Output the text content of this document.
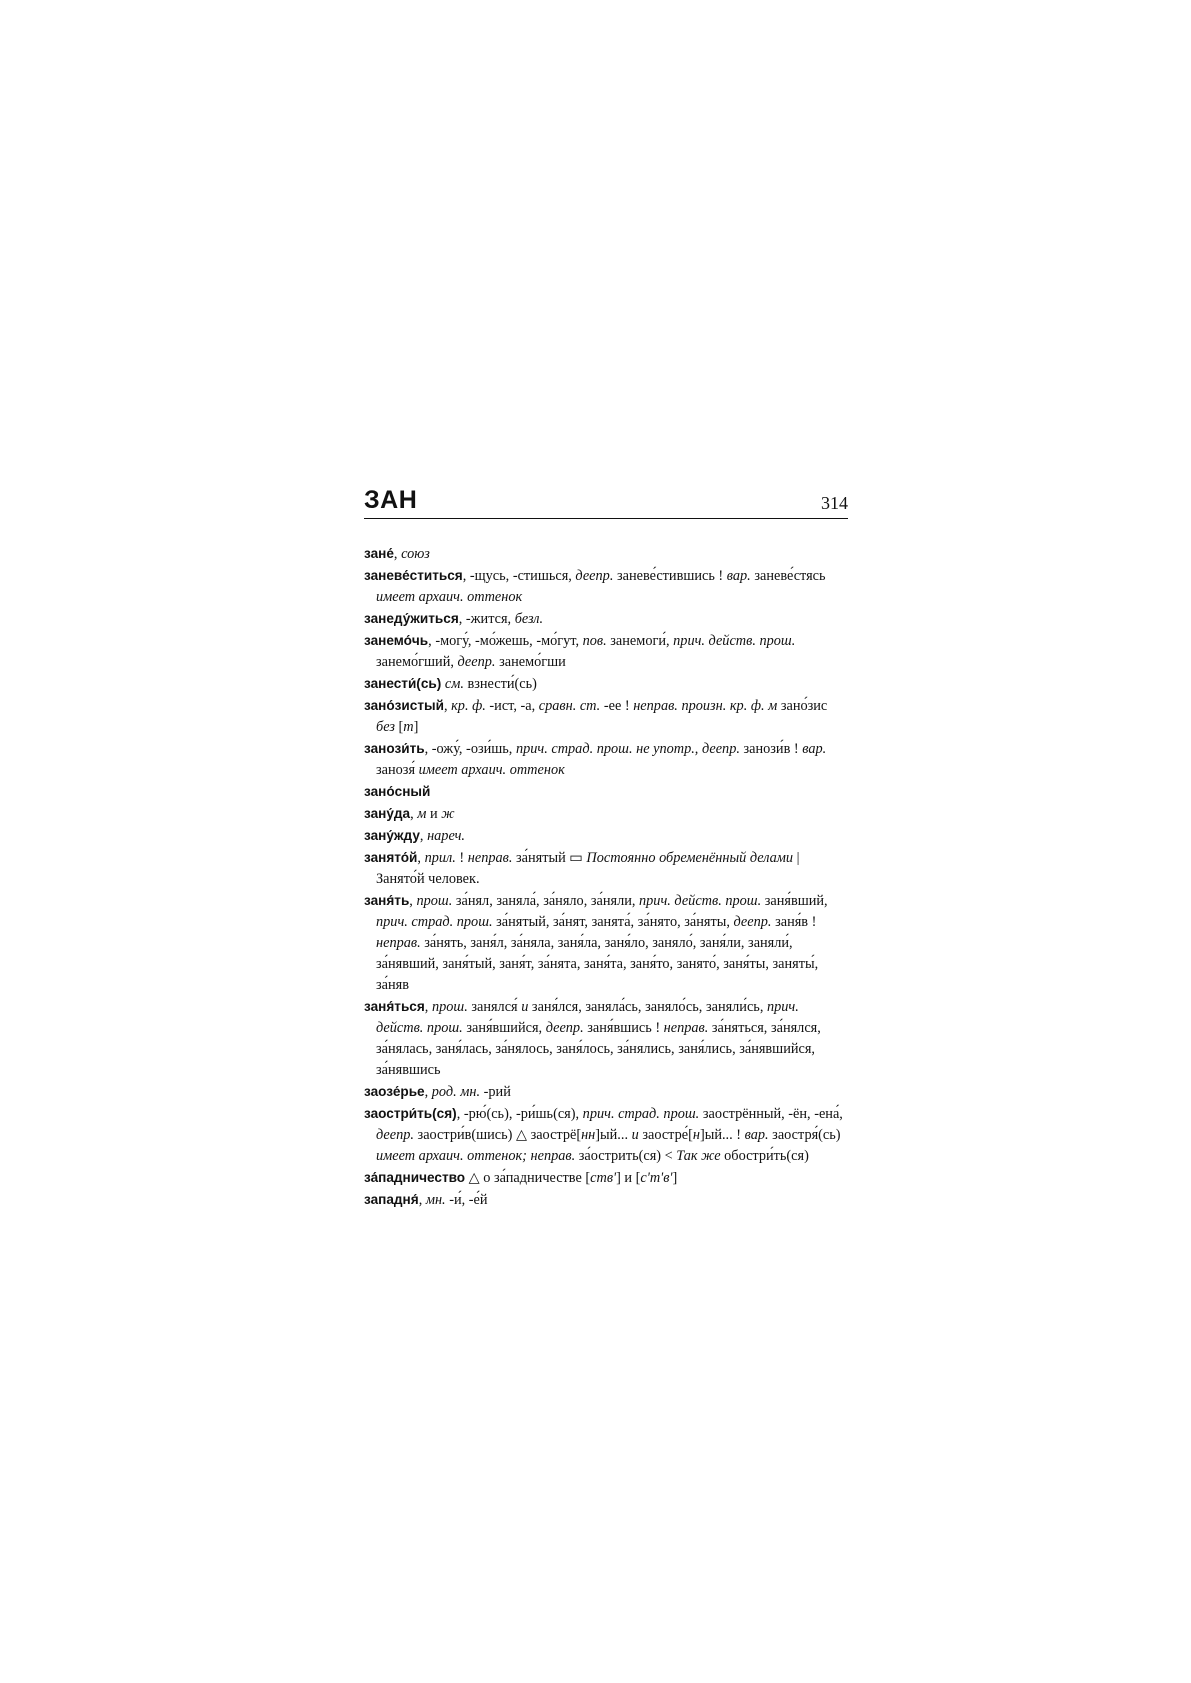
ЗАН	314

зане́, союз

заневе́ститься, -щусь, -стишься, деепр. заневе́стившись ! вар. заневе́стясь имеет архаич. оттенок

занеду́житься, -жится, безл.

занемо́чь, -могу́, -мо́жешь, -мо́гут, пов. занемоги́, прич. действ. прош. занемо́гший, деепр. занемо́гши

занести́(сь) см. взнести́(сь)

зано́зистый, кр. ф. -ист, -а, сравн. ст. -ее ! неправ. произн. кр. ф. м зано́зис без [т]

занози́ть, -ожу́, -ози́шь, прич. страд. прош. не употр., деепр. занози́в ! вар. занозя́ имеет архаич. оттенок

зано́сный

зану́да, м и ж

зану́жду, нареч.

занято́й, прил. ! неправ. за́нятый ▭ Постоянно обременённый делами | Занято́й человек.

заня́ть, прош. за́нял, заняла́, за́няло, за́няли, прич. действ. прош. заня́вший, прич. страд. прош. за́нятый, за́нят, занята́, за́нято, за́няты, деепр. заня́в ! неправ. за́нять, заня́л, за́няла, заня́ла, заня́ло, заняло́, заня́ли, заняли́, за́нявший, заня́тый, заня́т, за́нята, заня́та, заня́то, занято́, заня́ты, заняты́, за́няв

заня́ться, прош. занялся́ и заня́лся, заняла́сь, заняло́сь, заняли́сь, прич. действ. прош. заня́вшийся, деепр. заня́вшись ! неправ. за́няться, за́нялся, за́нялась, заня́лась, за́нялось, заня́лось, за́нялись, заня́лись, за́нявшийся, за́нявшись

заозе́рье, род. мн. -рий

заостри́ть(ся), -рю́(сь), -ри́шь(ся), прич. страд. прош. заострённый, -ён, -ена́, деепр. заостри́в(шись) △ заострё[нн]ый... и заостре́[н]ый... ! вар. заостря́(сь) имеет архаич. оттенок; неправ. за́острить(ся) < Так же обостри́ть(ся)

за́падничество △ о за́падничестве [ств'] и [с'т'в']

западня́, мн. -и́, -е́й
